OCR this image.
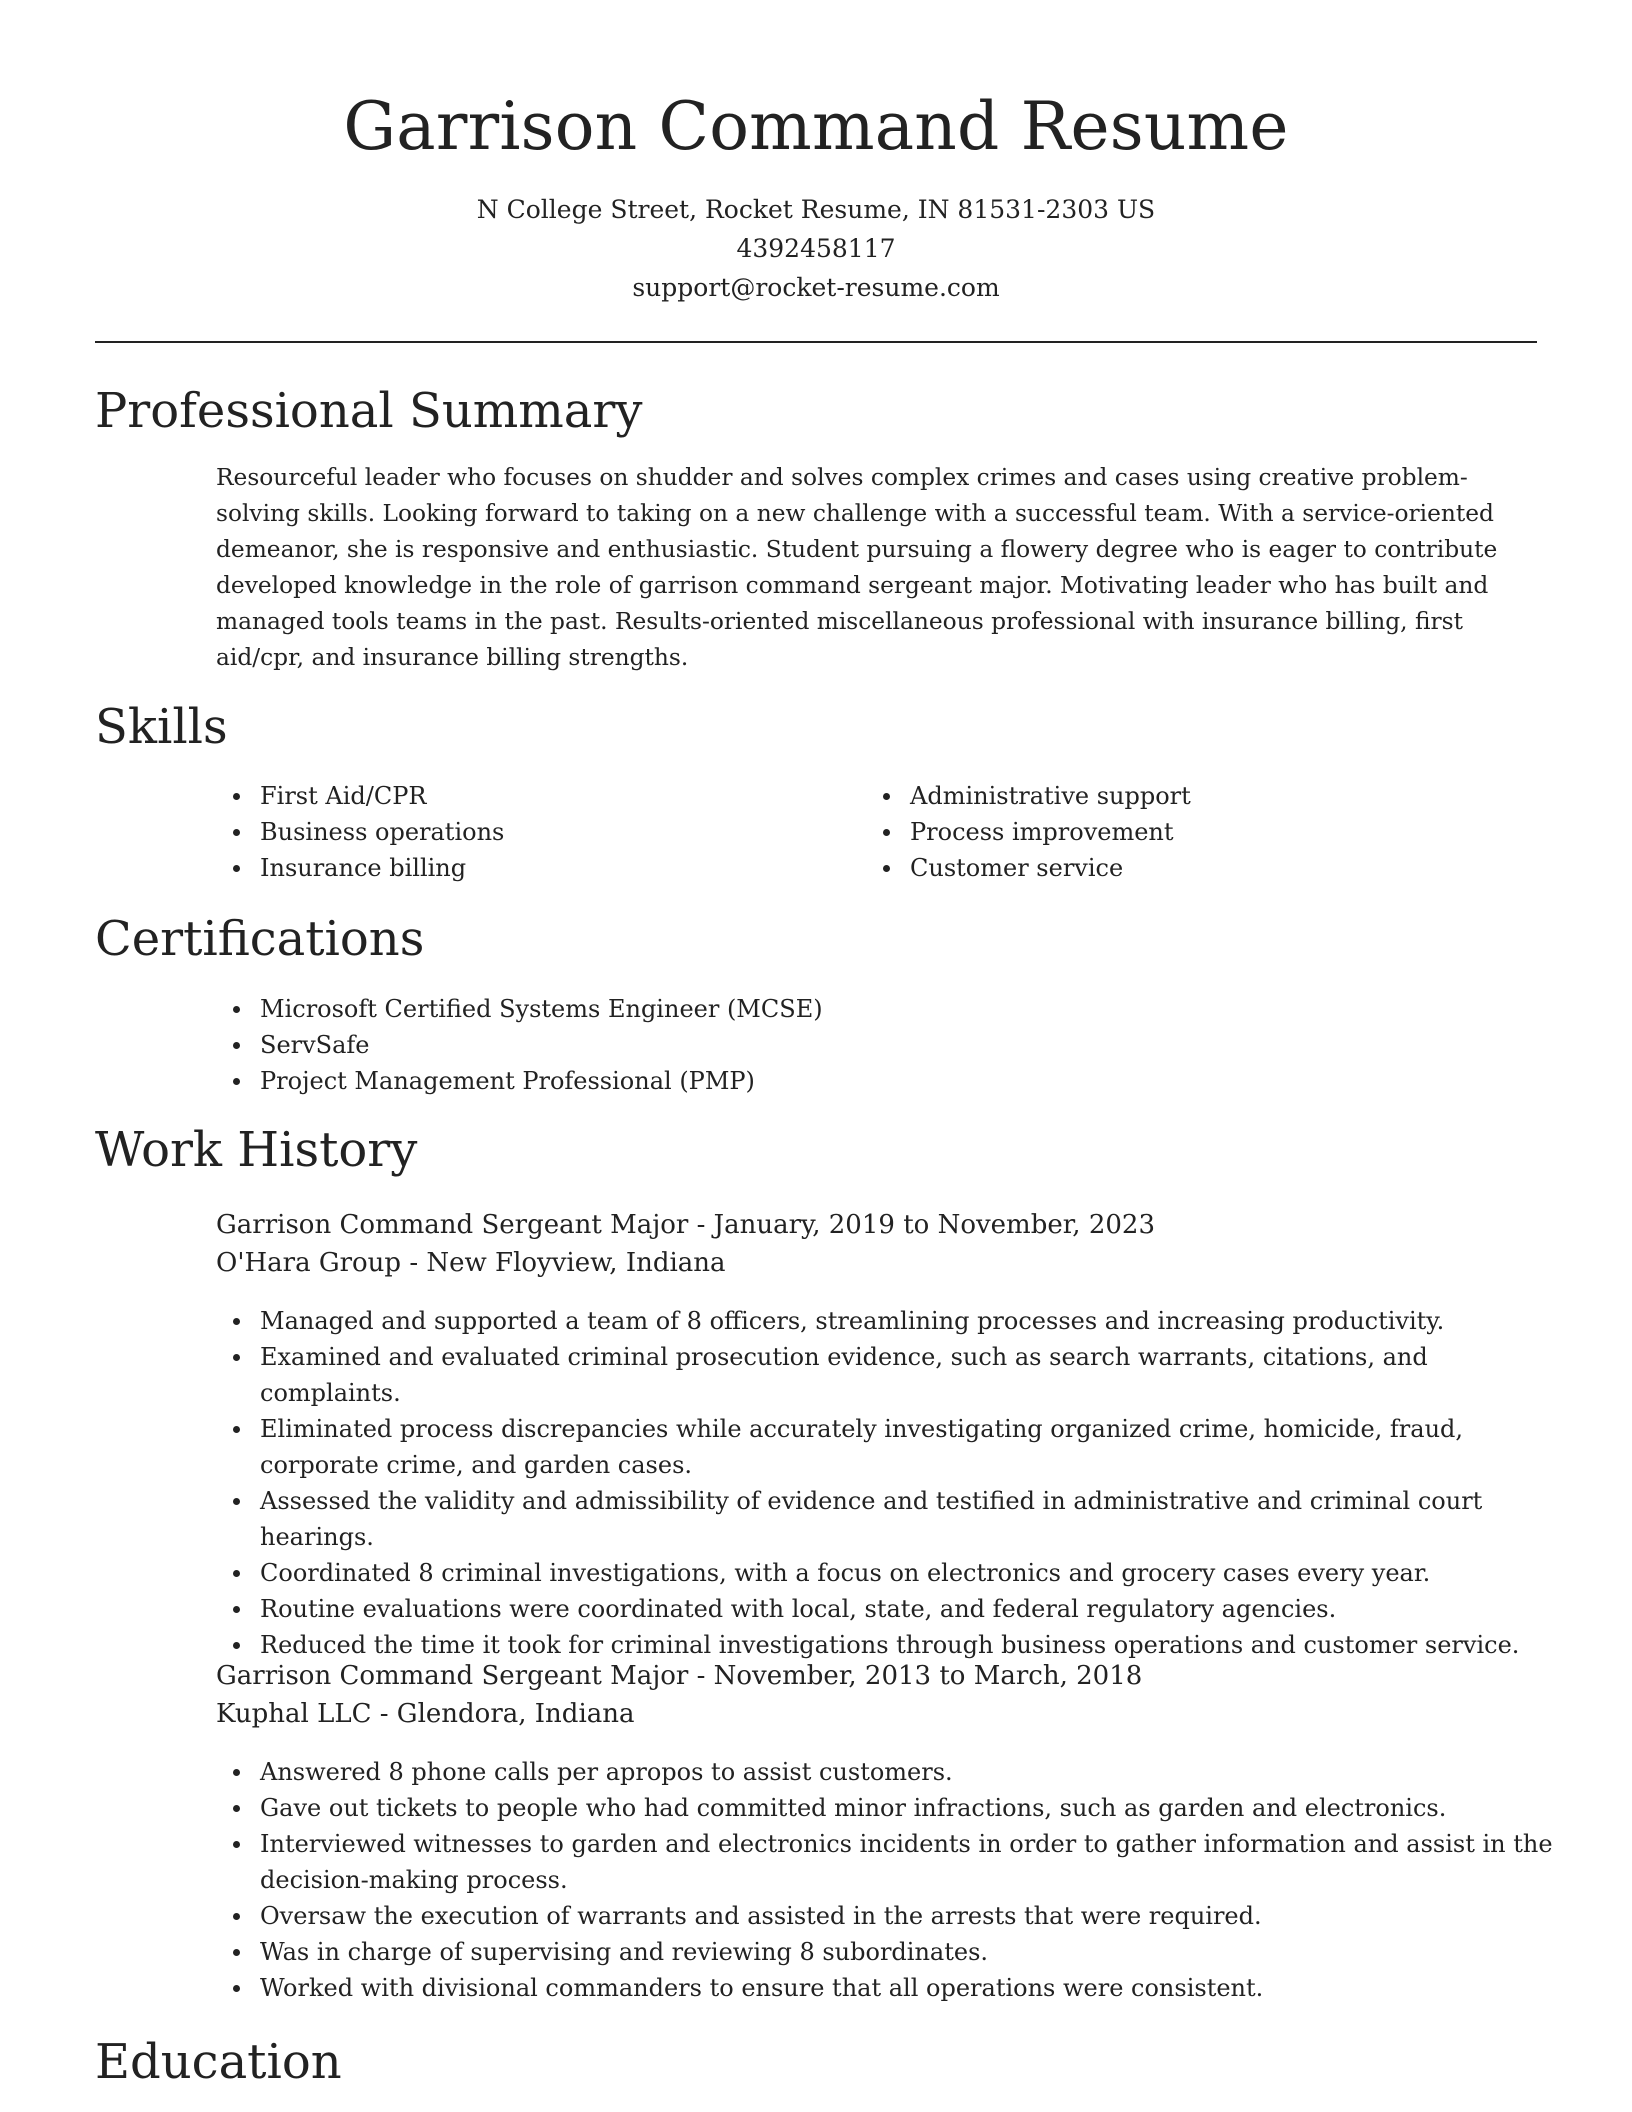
Garrison Command Resume
N College Street, Rocket Resume, IN 81531-2303 US
4392458117
support@rocket-resume.com
Professional Summary

Resourceful leader who focuses on shudder and solves complex crimes and cases using creative problem-solving skills. Looking forward to taking on a new challenge with a successful team. With a service-oriented demeanor, she is responsive and enthusiastic. Student pursuing a flowery degree who is eager to contribute developed knowledge in the role of garrison command sergeant major. Motivating leader who has built and managed tools teams in the past. Results-oriented miscellaneous professional with insurance billing, first aid/cpr, and insurance billing strengths.

Skills
First Aid/CPR
Business operations
Insurance billing
Administrative support
Process improvement
Customer service
Certifications
Microsoft Certified Systems Engineer (MCSE)
ServSafe
Project Management Professional (PMP)
Work History
Garrison Command Sergeant Major - January, 2019 to November, 2023
O'Hara Group - New Floyview, Indiana
Managed and supported a team of 8 officers, streamlining processes and increasing productivity.
Examined and evaluated criminal prosecution evidence, such as search warrants, citations, and complaints.
Eliminated process discrepancies while accurately investigating organized crime, homicide, fraud, corporate crime, and garden cases.
Assessed the validity and admissibility of evidence and testified in administrative and criminal court hearings.
Coordinated 8 criminal investigations, with a focus on electronics and grocery cases every year.
Routine evaluations were coordinated with local, state, and federal regulatory agencies.
Reduced the time it took for criminal investigations through business operations and customer service.
Garrison Command Sergeant Major - November, 2013 to March, 2018
Kuphal LLC - Glendora, Indiana
Answered 8 phone calls per apropos to assist customers.
Gave out tickets to people who had committed minor infractions, such as garden and electronics.
Interviewed witnesses to garden and electronics incidents in order to gather information and assist in the decision-making process.
Oversaw the execution of warrants and assisted in the arrests that were required.
Was in charge of supervising and reviewing 8 subordinates.
Worked with divisional commanders to ensure that all operations were consistent.
Education
